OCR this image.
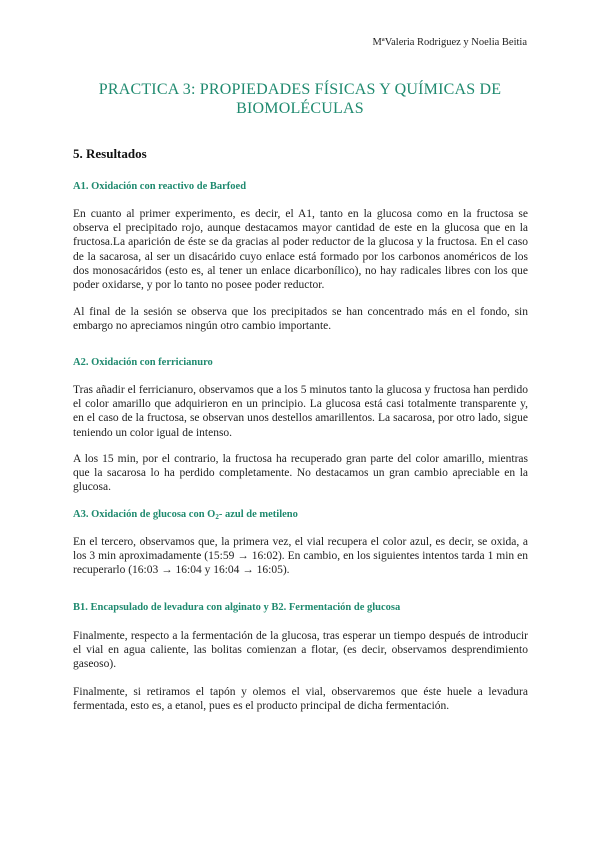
MªValeria Rodriguez y Noelia Beitia
PRACTICA 3: PROPIEDADES FÍSICAS Y QUÍMICAS DE BIOMOLÉCULAS
5. Resultados
A1. Oxidación con reactivo de Barfoed
En cuanto al primer experimento, es decir, el A1, tanto en la glucosa como en la fructosa se observa el precipitado rojo, aunque destacamos mayor cantidad de este en la glucosa que en la fructosa.La aparición de éste se da gracias al poder reductor de la glucosa y la fructosa. En el caso de la sacarosa, al ser un disacárido cuyo enlace está formado por los carbonos anoméricos de los dos monosacáridos (esto es, al tener un enlace dicarbonílico), no hay radicales libres con los que poder oxidarse, y por lo tanto no posee poder reductor.
Al final de la sesión se observa que los precipitados se han concentrado más en el fondo, sin embargo no apreciamos ningún otro cambio importante.
A2. Oxidación con ferricianuro
Tras añadir el ferricianuro, observamos que a los 5 minutos tanto la glucosa y fructosa han perdido el color amarillo que adquirieron en un principio. La glucosa está casi totalmente transparente y, en el caso de la fructosa, se observan unos destellos amarillentos. La sacarosa, por otro lado, sigue teniendo un color igual de intenso.
A los 15 min, por el contrario, la fructosa ha recuperado gran parte del color amarillo, mientras que la sacarosa lo ha perdido completamente. No destacamos un gran cambio apreciable en la glucosa.
A3. Oxidación de glucosa con $O_2-$ azul de metileno
En el tercero, observamos que, la primera vez, el vial recupera el color azul, es decir, se oxida, a los 3 min aproximadamente (15:59 → 16:02). En cambio, en los siguientes intentos tarda 1 min en recuperarlo (16:03 → 16:04 y 16:04 → 16:05).
B1. Encapsulado de levadura con alginato y B2. Fermentación de glucosa
Finalmente, respecto a la fermentación de la glucosa, tras esperar un tiempo después de introducir el vial en agua caliente, las bolitas comienzan a flotar, (es decir, observamos desprendimiento gaseoso).
Finalmente, si retiramos el tapón y olemos el vial, observaremos que éste huele a levadura fermentada, esto es, a etanol, pues es el producto principal de dicha fermentación.
